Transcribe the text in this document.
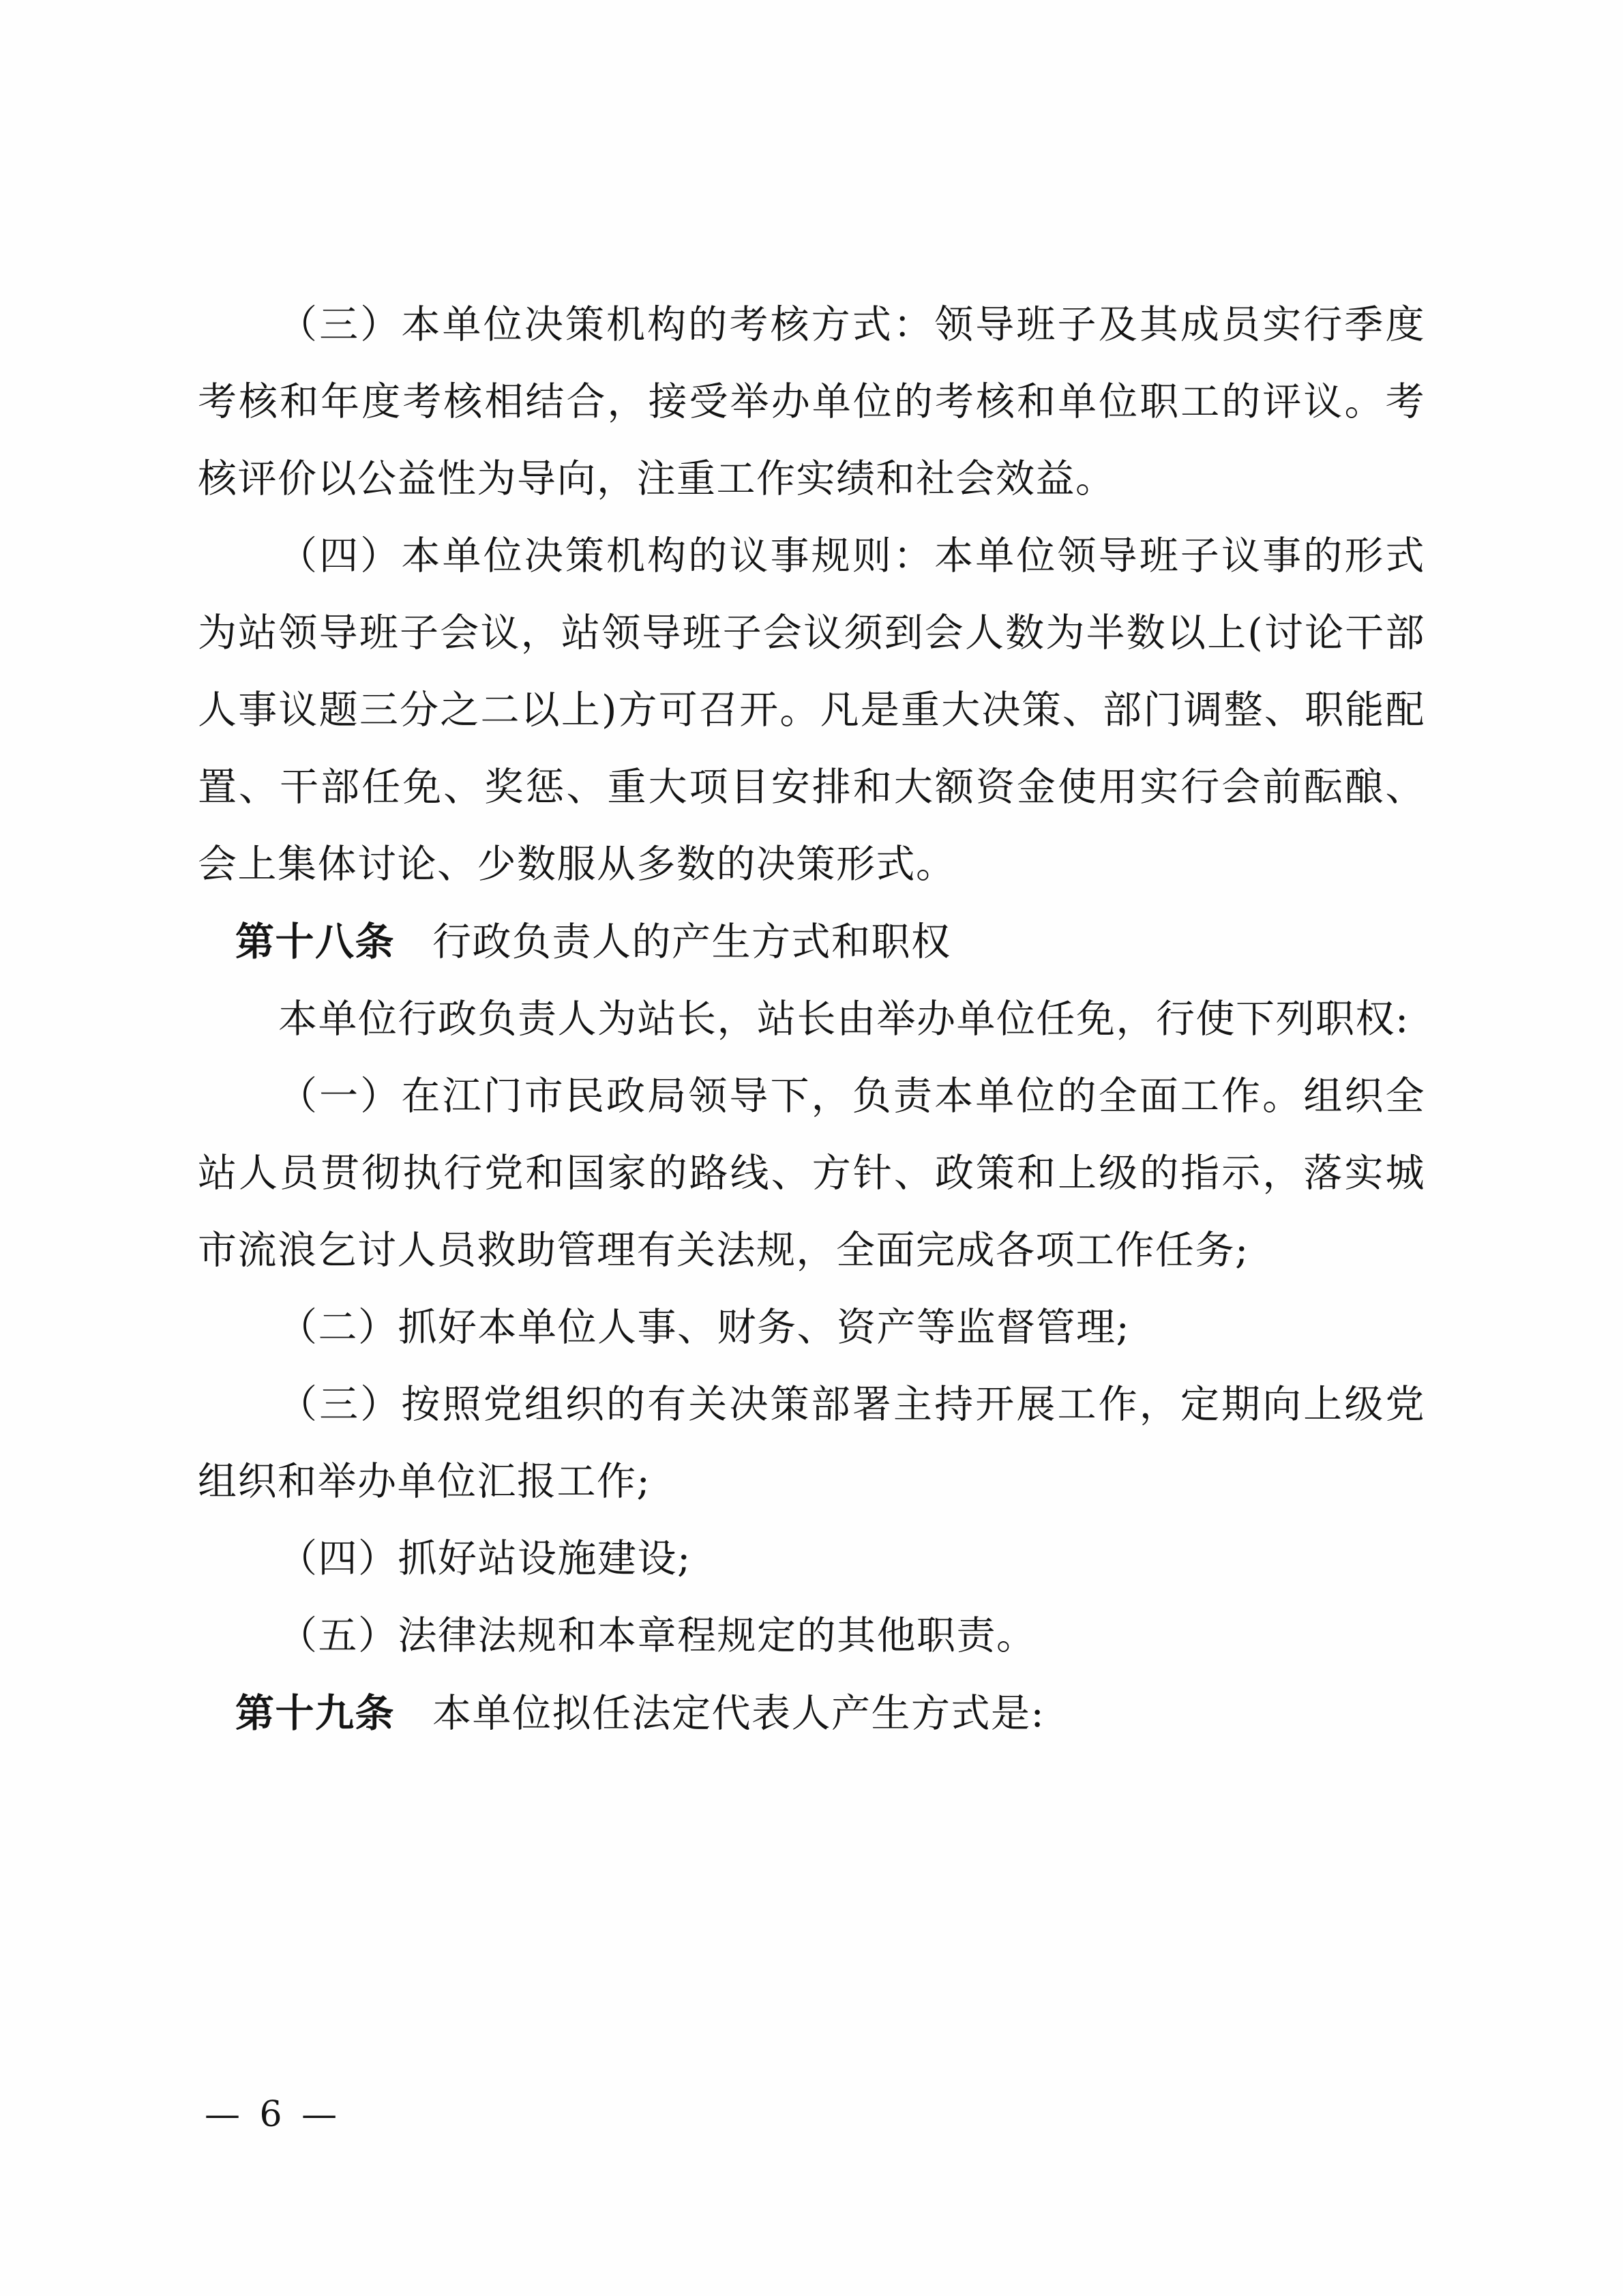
（三）本单位决策机构的考核方式：领导班子及其成员实行季度考核和年度考核相结合，接受举办单位的考核和单位职工的评议。考核评价以公益性为导向，注重工作实绩和社会效益。

（四）本单位决策机构的议事规则：本单位领导班子议事的形式为站领导班子会议，站领导班子会议须到会人数为半数以上(讨论干部人事议题三分之二以上)方可召开。凡是重大决策、部门调整、职能配置、干部任免、奖惩、重大项目安排和大额资金使用实行会前酝酿、会上集体讨论、少数服从多数的决策形式。

第十八条 行政负责人的产生方式和职权

本单位行政负责人为站长，站长由举办单位任免，行使下列职权:

（一）在江门市民政局领导下，负责本单位的全面工作。组织全站人员贯彻执行党和国家的路线、方针、政策和上级的指示，落实城市流浪乞讨人员救助管理有关法规，全面完成各项工作任务;

（二）抓好本单位人事、财务、资产等监督管理;

（三）按照党组织的有关决策部署主持开展工作，定期向上级党组织和举办单位汇报工作;

（四）抓好站设施建设;

（五）法律法规和本章程规定的其他职责。

第十九条 本单位拟任法定代表人产生方式是:

— 6 —
